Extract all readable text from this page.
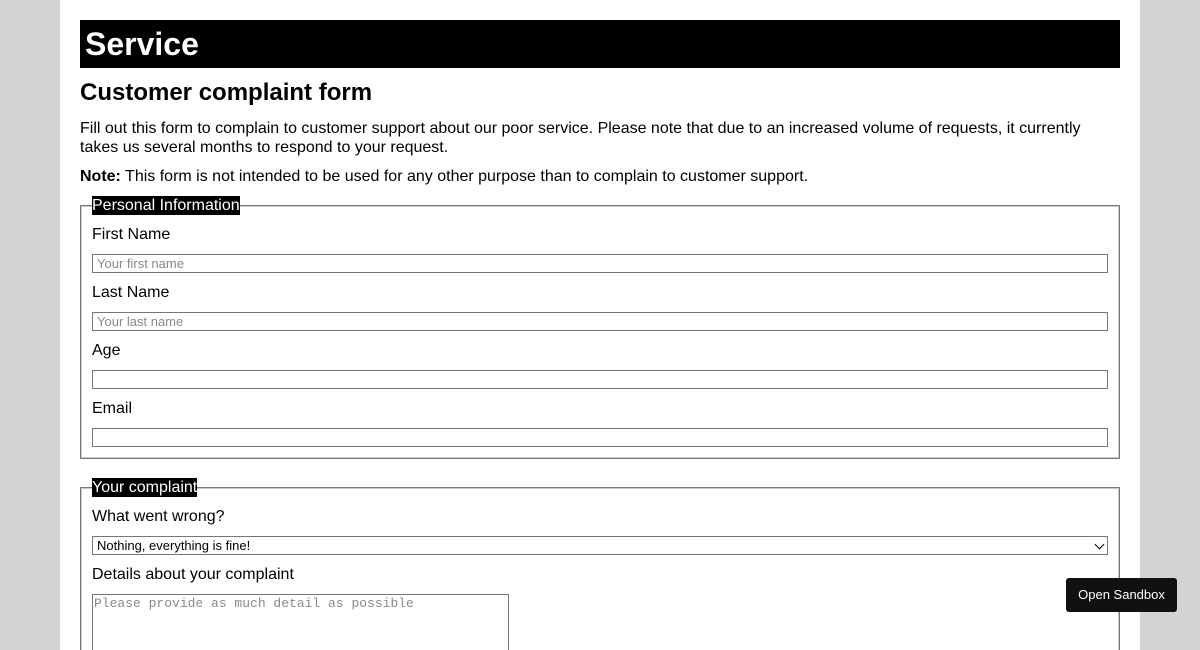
Service
Customer complaint form

Fill out this form to complain to customer support about our poor service. Please note that due to an increased volume of requests, it currently takes us several months to respond to your request.

Note: This form is not intended to be used for any other purpose than to complain to customer support.

Personal Information
First Name
Your first name
Last Name
Your last name
Age
Email
Your complaint
What went wrong?
Nothing, everything is fine!
Details about your complaint
Please provide as much detail as possible
Open Sandbox
